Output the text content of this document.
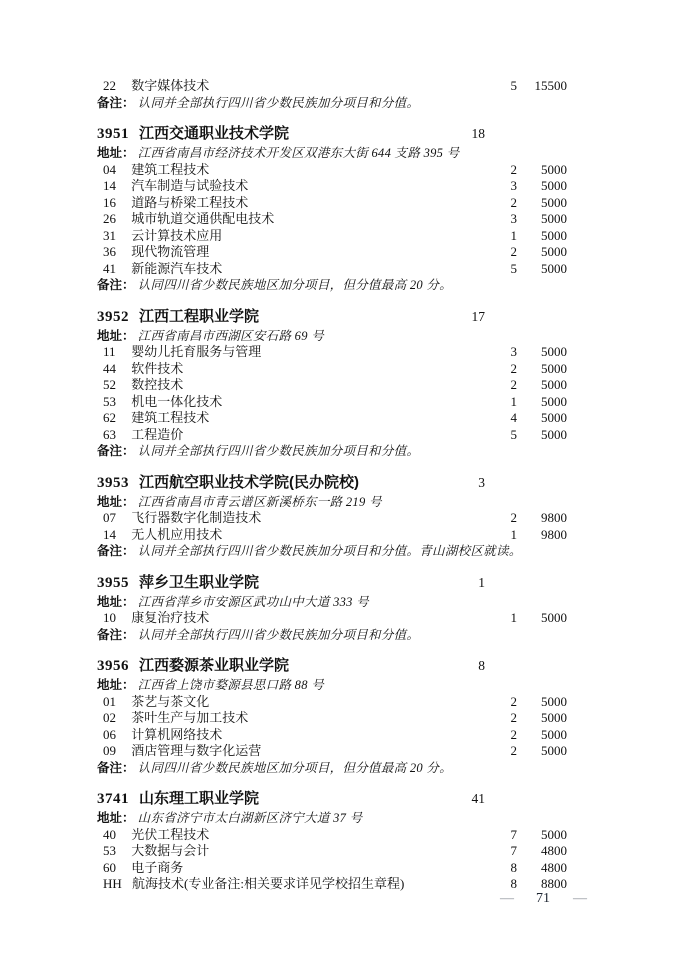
22 数字媒体技术	5	15500
备注： 认同并全部执行四川省少数民族加分项目和分值。
3951 江西交通职业技术学院	18
地址： 江西省南昌市经济技术开发区双港东大街 644 支路 395 号
04 建筑工程技术	2	5000
14 汽车制造与试验技术	3	5000
16 道路与桥梁工程技术	2	5000
26 城市轨道交通供配电技术	3	5000
31 云计算技术应用	1	5000
36 现代物流管理	2	5000
41 新能源汽车技术	5	5000
备注： 认同四川省少数民族地区加分项目，但分值最高 20 分。
3952 江西工程职业学院	17
地址： 江西省南昌市西湖区安石路 69 号
11 婴幼儿托育服务与管理	3	5000
44 软件技术	2	5000
52 数控技术	2	5000
53 机电一体化技术	1	5000
62 建筑工程技术	4	5000
63 工程造价	5	5000
备注： 认同并全部执行四川省少数民族加分项目和分值。
3953 江西航空职业技术学院(民办院校)	3
地址： 江西省南昌市青云谱区新溪桥东一路 219 号
07 飞行器数字化制造技术	2	9800
14 无人机应用技术	1	9800
备注： 认同并全部执行四川省少数民族加分项目和分值。青山湖校区就读。
3955 萍乡卫生职业学院	1
地址： 江西省萍乡市安源区武功山中大道 333 号
10 康复治疗技术	1	5000
备注： 认同并全部执行四川省少数民族加分项目和分值。
3956 江西婺源茶业职业学院	8
地址： 江西省上饶市婺源县思口路 88 号
01 茶艺与茶文化	2	5000
02 茶叶生产与加工技术	2	5000
06 计算机网络技术	2	5000
09 酒店管理与数字化运营	2	5000
备注： 认同四川省少数民族地区加分项目，但分值最高 20 分。
3741 山东理工职业学院	41
地址： 山东省济宁市太白湖新区济宁大道 37 号
40 光伏工程技术	7	5000
53 大数据与会计	7	4800
60 电子商务	8	4800
HH 航海技术(专业备注:相关要求详见学校招生章程)	8	8800
— 71 —
